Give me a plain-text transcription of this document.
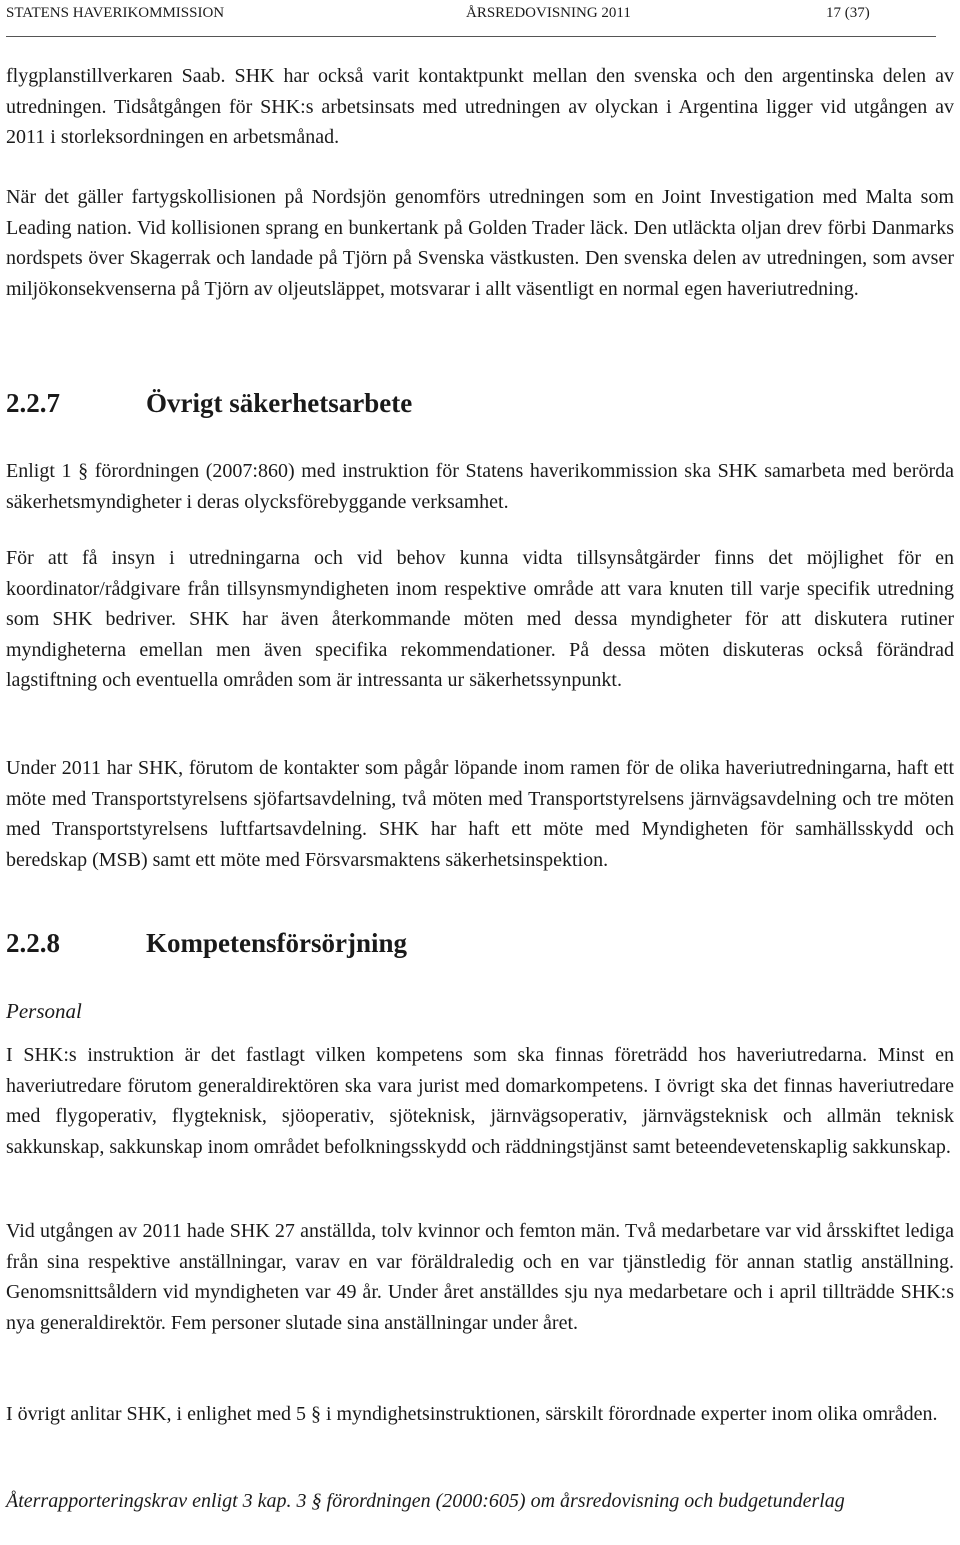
STATENS HAVERIKOMMISSION	ÅRSREDOVISNING 2011	17 (37)

flygplanstillverkaren Saab. SHK har också varit kontaktpunkt mellan den svenska och den argentinska delen av utredningen. Tidsåtgången för SHK:s arbetsinsats med utredningen av olyckan i Argentina ligger vid utgången av 2011 i storleksordningen en arbetsmånad.

När det gäller fartygskollisionen på Nordsjön genomförs utredningen som en Joint Investigation med Malta som Leading nation. Vid kollisionen sprang en bunkertank på Golden Trader läck. Den utläckta oljan drev förbi Danmarks nordspets över Skagerrak och landade på Tjörn på Svenska västkusten. Den svenska delen av utredningen, som avser miljökonsekvenserna på Tjörn av oljeutsläppet, motsvarar i allt väsentligt en normal egen haveriutredning.

2.2.7	Övrigt säkerhetsarbete

Enligt 1 § förordningen (2007:860) med instruktion för Statens haverikommission ska SHK samarbeta med berörda säkerhetsmyndigheter i deras olycksförebyggande verksamhet.

För att få insyn i utredningarna och vid behov kunna vidta tillsynsåtgärder finns det möjlighet för en koordinator/rådgivare från tillsynsmyndigheten inom respektive område att vara knuten till varje specifik utredning som SHK bedriver. SHK har även återkommande möten med dessa myndigheter för att diskutera rutiner myndigheterna emellan men även specifika rekommendationer. På dessa möten diskuteras också förändrad lagstiftning och eventuella områden som är intressanta ur säkerhetssynpunkt.

Under 2011 har SHK, förutom de kontakter som pågår löpande inom ramen för de olika haveriutredningarna, haft ett möte med Transportstyrelsens sjöfartsavdelning, två möten med Transportstyrelsens järnvägsavdelning och tre möten med Transportstyrelsens luftfartsavdelning. SHK har haft ett möte med Myndigheten för samhällsskydd och beredskap (MSB) samt ett möte med Försvarsmaktens säkerhetsinspektion.

2.2.8	Kompetensförsörjning

Personal

I SHK:s instruktion är det fastlagt vilken kompetens som ska finnas företrädd hos haveriutredarna. Minst en haveriutredare förutom generaldirektören ska vara jurist med domarkompetens. I övrigt ska det finnas haveriutredare med flygoperativ, flygteknisk, sjöoperativ, sjöteknisk, järnvägsoperativ, järnvägsteknisk och allmän teknisk sakkunskap, sakkunskap inom området befolkningsskydd och räddningstjänst samt beteendevetenskaplig sakkunskap.

Vid utgången av 2011 hade SHK 27 anställda, tolv kvinnor och femton män. Två medarbetare var vid årsskiftet lediga från sina respektive anställningar, varav en var föräldraledig och en var tjänstledig för annan statlig anställning. Genomsnittsåldern vid myndigheten var 49 år. Under året anställdes sju nya medarbetare och i april tillträdde SHK:s nya generaldirektör. Fem personer slutade sina anställningar under året.

I övrigt anlitar SHK, i enlighet med 5 § i myndighetsinstruktionen, särskilt förordnade experter inom olika områden.

Återrapporteringskrav enligt 3 kap. 3 § förordningen (2000:605) om årsredovisning och budgetunderlag
